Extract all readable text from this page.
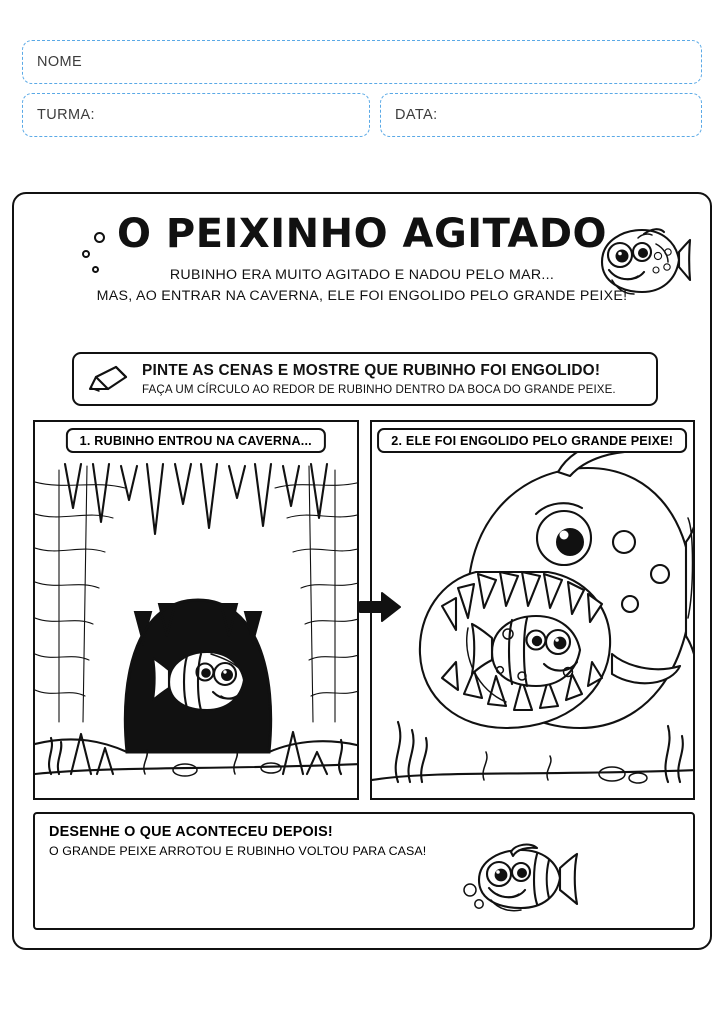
NOME
TURMA:	DATA:
O PEIXINHO AGITADO
RUBINHO ERA MUITO AGITADO E NADOU PELO MAR...
MAS, AO ENTRAR NA CAVERNA, ELE FOI ENGOLIDO PELO GRANDE PEIXE!
PINTE AS CENAS E MOSTRE QUE RUBINHO FOI ENGOLIDO!
FAÇA UM CÍRCULO AO REDOR DE RUBINHO DENTRO DA BOCA DO GRANDE PEIXE.
1. RUBINHO ENTROU NA CAVERNA...	2. ELE FOI ENGOLIDO PELO GRANDE PEIXE!
DESENHE O QUE ACONTECEU DEPOIS!
O GRANDE PEIXE ARROTOU E RUBINHO VOLTOU PARA CASA!
